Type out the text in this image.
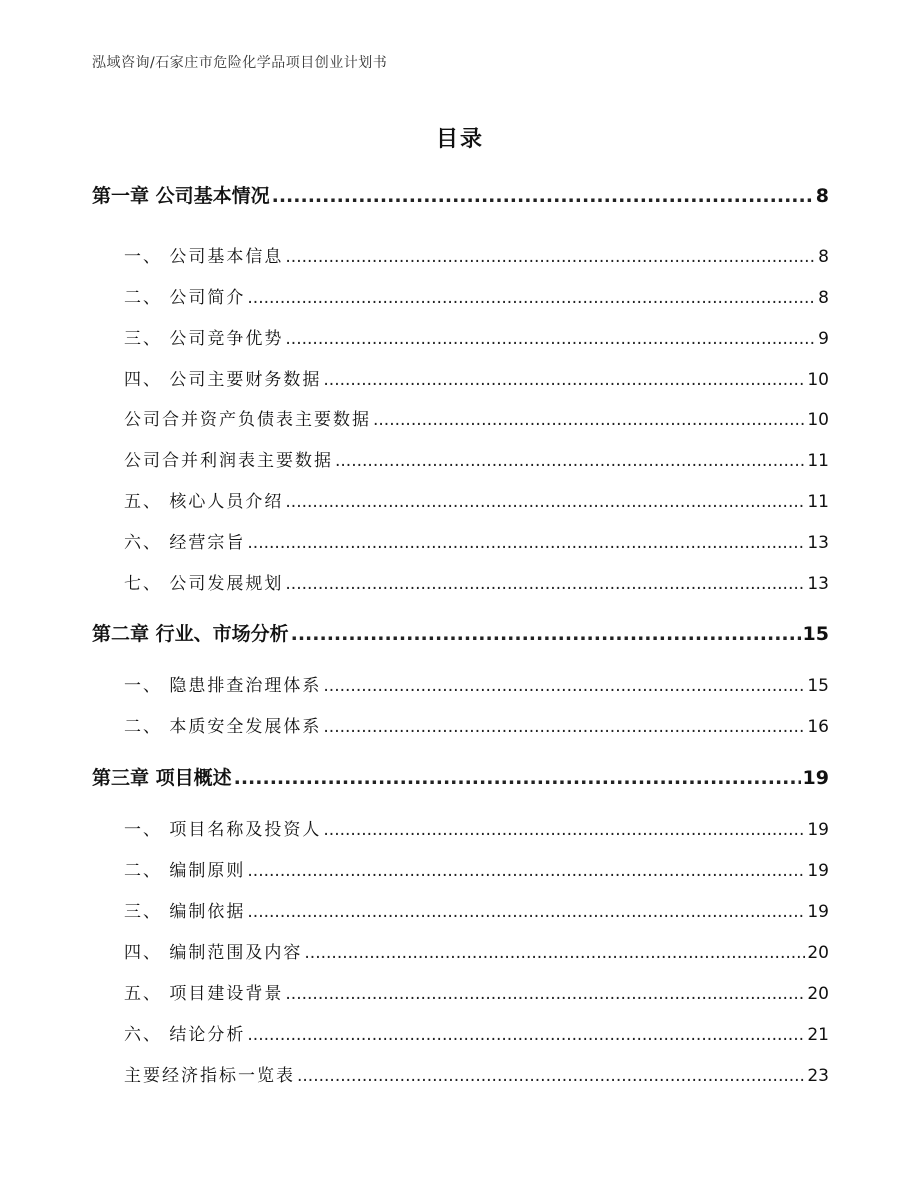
泓域咨询/石家庄市危险化学品项目创业计划书
目录
第一章 公司基本情况 .....	8
一、 公司基本信息 .....	8
二、 公司简介 .....	8
三、 公司竞争优势 .....	9
四、 公司主要财务数据 .....	10
公司合并资产负债表主要数据 .....	10
公司合并利润表主要数据 .....	11
五、 核心人员介绍 .....	11
六、 经营宗旨 .....	13
七、 公司发展规划 .....	13
第二章 行业、市场分析 .....	15
一、 隐患排查治理体系 .....	15
二、 本质安全发展体系 .....	16
第三章 项目概述 .....	19
一、 项目名称及投资人 .....	19
二、 编制原则 .....	19
三、 编制依据 .....	19
四、 编制范围及内容 .....	20
五、 项目建设背景 .....	20
六、 结论分析 .....	21
主要经济指标一览表 .....	23
